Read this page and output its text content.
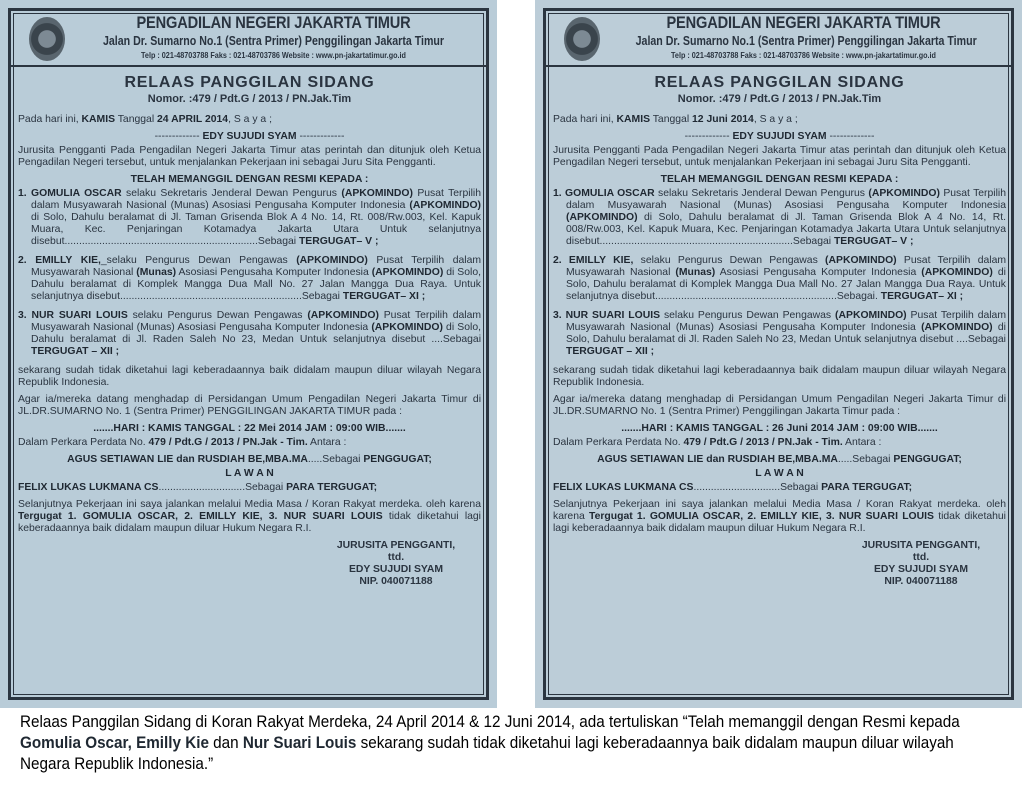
PENGADILAN NEGERI JAKARTA TIMUR
Jalan Dr. Sumarno No.1 (Sentra Primer) Penggilingan Jakarta Timur
Telp : 021-48703788 Faks : 021-48703786 Website : www.pn-jakartatimur.go.id
RELAAS PANGGILAN SIDANG
Nomor. :479 / Pdt.G / 2013 / PN.Jak.Tim
Pada hari ini, KAMIS Tanggal 24 APRIL 2014, S a y a ;
------------- EDY SUJUDI SYAM -------------
Jurusita Pengganti Pada Pengadilan Negeri Jakarta Timur atas perintah dan ditunjuk oleh Ketua Pengadilan Negeri tersebut, untuk menjalankan Pekerjaan ini sebagai Juru Sita Pengganti.
TELAH MEMANGGIL DENGAN RESMI KEPADA :
1. GOMULIA OSCAR selaku Sekretaris Jenderal Dewan Pengurus (APKOMINDO) Pusat Terpilih dalam Musyawarah Nasional (Munas) Asosiasi Pengusaha Komputer Indonesia (APKOMINDO) di Solo, Dahulu beralamat di Jl. Taman Grisenda Blok A 4 No. 14, Rt. 008/Rw.003, Kel. Kapuk Muara, Kec. Penjaringan Kotamadya Jakarta Utara Untuk selanjutnya disebut...................................................................Sebagai TERGUGAT– V ;
2. EMILLY KIE,_selaku Pengurus Dewan Pengawas (APKOMINDO) Pusat Terpilih dalam Musyawarah Nasional (Munas) Asosiasi Pengusaha Komputer Indonesia (APKOMINDO) di Solo, Dahulu beralamat di Komplek Mangga Dua Mall No. 27 Jalan Mangga Dua Raya. Untuk selanjutnya disebut...............................................................Sebagai TERGUGAT– XI ;
3. NUR SUARI LOUIS selaku Pengurus Dewan Pengawas (APKOMINDO) Pusat Terpilih dalam Musyawarah Nasional (Munas) Asosiasi Pengusaha Komputer Indonesia (APKOMINDO) di Solo, Dahulu beralamat di Jl. Raden Saleh No 23, Medan Untuk selanjutnya disebut ....Sebagai TERGUGAT – XII ;
sekarang sudah tidak diketahui lagi keberadaannya baik didalam maupun diluar wilayah Negara Republik Indonesia.
Agar ia/mereka datang menghadap di Persidangan Umum Pengadilan Negeri Jakarta Timur di JL.DR.SUMARNO No. 1 (Sentra Primer) PENGGILINGAN JAKARTA TIMUR pada :
.......HARI : KAMIS TANGGAL : 22 Mei 2014 JAM : 09:00 WIB.......
Dalam Perkara Perdata No. 479 / Pdt.G / 2013 / PN.Jak - Tim. Antara :
AGUS SETIAWAN LIE dan RUSDIAH BE,MBA.MA.....Sebagai PENGGUGAT;
L A W A N
FELIX LUKAS LUKMANA CS..............................Sebagai PARA TERGUGAT;
Selanjutnya Pekerjaan ini saya jalankan melalui Media Masa / Koran Rakyat merdeka. oleh karena Tergugat 1. GOMULIA OSCAR, 2. EMILLY KIE, 3. NUR SUARI LOUIS tidak diketahui lagi keberadaannya baik didalam maupun diluar Hukum Negara R.I.
JURUSITA PENGGANTI,
ttd.
EDY SUJUDI SYAM
NIP. 040071188
PENGADILAN NEGERI JAKARTA TIMUR
Jalan Dr. Sumarno No.1 (Sentra Primer) Penggilingan Jakarta Timur
Telp : 021-48703788 Faks : 021-48703786 Website : www.pn-jakartatimur.go.id
RELAAS PANGGILAN SIDANG
Nomor. :479 / Pdt.G / 2013 / PN.Jak.Tim
Pada hari ini, KAMIS Tanggal 12 Juni 2014, S a y a ;
------------- EDY SUJUDI SYAM -------------
Jurusita Pengganti Pada Pengadilan Negeri Jakarta Timur atas perintah dan ditunjuk oleh Ketua Pengadilan Negeri tersebut, untuk menjalankan Pekerjaan ini sebagai Juru Sita Pengganti.
TELAH MEMANGGIL DENGAN RESMI KEPADA :
1. GOMULIA OSCAR selaku Sekretaris Jenderal Dewan Pengurus (APKOMINDO) Pusat Terpilih dalam Musyawarah Nasional (Munas) Asosiasi Pengusaha Komputer Indonesia (APKOMINDO) di Solo, Dahulu beralamat di Jl. Taman Grisenda Blok A 4 No. 14, Rt. 008/Rw.003, Kel. Kapuk Muara, Kec. Penjaringan Kotamadya Jakarta Utara Untuk selanjutnya disebut...................................................................Sebagai TERGUGAT– V ;
2. EMILLY KIE, selaku Pengurus Dewan Pengawas (APKOMINDO) Pusat Terpilih dalam Musyawarah Nasional (Munas) Asosiasi Pengusaha Komputer Indonesia (APKOMINDO) di Solo, Dahulu beralamat di Komplek Mangga Dua Mall No. 27 Jalan Mangga Dua Raya. Untuk selanjutnya disebut...............................................................Sebagai. TERGUGAT– XI ;
3. NUR SUARI LOUIS selaku Pengurus Dewan Pengawas (APKOMINDO) Pusat Terpilih dalam Musyawarah Nasional (Munas) Asosiasi Pengusaha Komputer Indonesia (APKOMINDO) di Solo, Dahulu beralamat di Jl. Raden Saleh No 23, Medan Untuk selanjutnya disebut ....Sebagai TERGUGAT – XII ;
sekarang sudah tidak diketahui lagi keberadaannya baik didalam maupun diluar wilayah Negara Republik Indonesia.
Agar ia/mereka datang menghadap di Persidangan Umum Pengadilan Negeri Jakarta Timur di JL.DR.SUMARNO No. 1 (Sentra Primer) Penggilingan Jakarta Timur pada :
.......HARI : KAMIS TANGGAL : 26 Juni 2014 JAM : 09:00 WIB.......
Dalam Perkara Perdata No. 479 / Pdt.G / 2013 / PN.Jak - Tim. Antara :
AGUS SETIAWAN LIE dan RUSDIAH BE,MBA.MA.....Sebagai PENGGUGAT;
L A W A N
FELIX LUKAS LUKMANA CS..............................Sebagai PARA TERGUGAT;
Selanjutnya Pekerjaan ini saya jalankan melalui Media Masa / Koran Rakyat merdeka. oleh karena Tergugat 1. GOMULIA OSCAR, 2. EMILLY KIE, 3. NUR SUARI LOUIS tidak diketahui lagi keberadaannya baik didalam maupun diluar Hukum Negara R.I.
JURUSITA PENGGANTI,
ttd.
EDY SUJUDI SYAM
NIP. 040071188
Relaas Panggilan Sidang di Koran Rakyat Merdeka, 24 April 2014 & 12 Juni 2014, ada tertuliskan “Telah memanggil dengan Resmi kepada Gomulia Oscar, Emilly Kie dan Nur Suari Louis sekarang sudah tidak diketahui lagi keberadaannya baik didalam maupun diluar wilayah Negara Republik Indonesia.”
